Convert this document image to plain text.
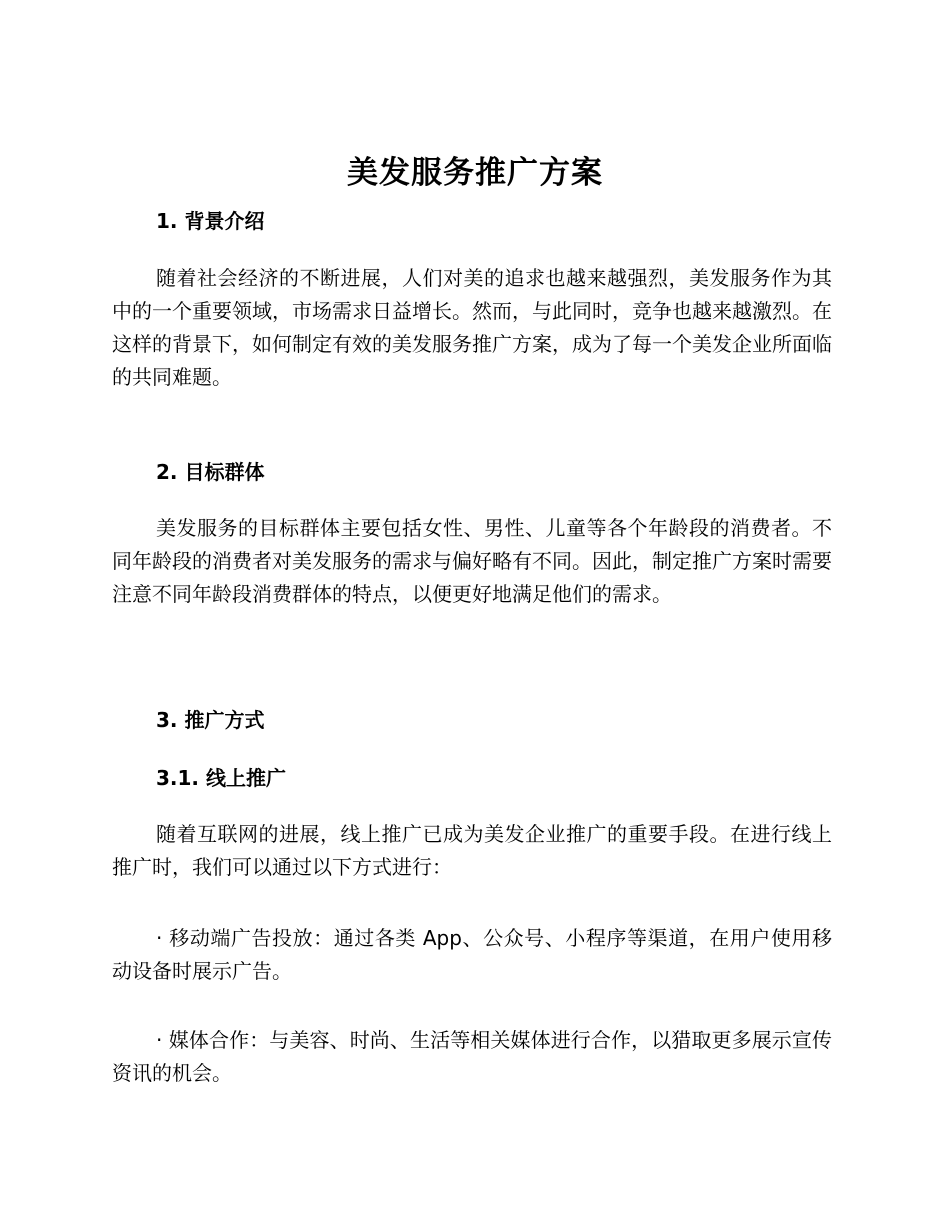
美发服务推广方案
1. 背景介绍

随着社会经济的不断进展，人们对美的追求也越来越强烈，美发服务作为其中的一个重要领域，市场需求日益增长。然而，与此同时，竞争也越来越激烈。在这样的背景下，如何制定有效的美发服务推广方案，成为了每一个美发企业所面临的共同难题。

2. 目标群体

美发服务的目标群体主要包括女性、男性、儿童等各个年龄段的消费者。不同年龄段的消费者对美发服务的需求与偏好略有不同。因此，制定推广方案时需要注意不同年龄段消费群体的特点，以便更好地满足他们的需求。

3. 推广方式
3.1. 线上推广

随着互联网的进展，线上推广已成为美发企业推广的重要手段。在进行线上推广时，我们可以通过以下方式进行：

· 移动端广告投放：通过各类 App、公众号、小程序等渠道，在用户使用移动设备时展示广告。

· 媒体合作：与美容、时尚、生活等相关媒体进行合作，以猎取更多展示宣传资讯的机会。
